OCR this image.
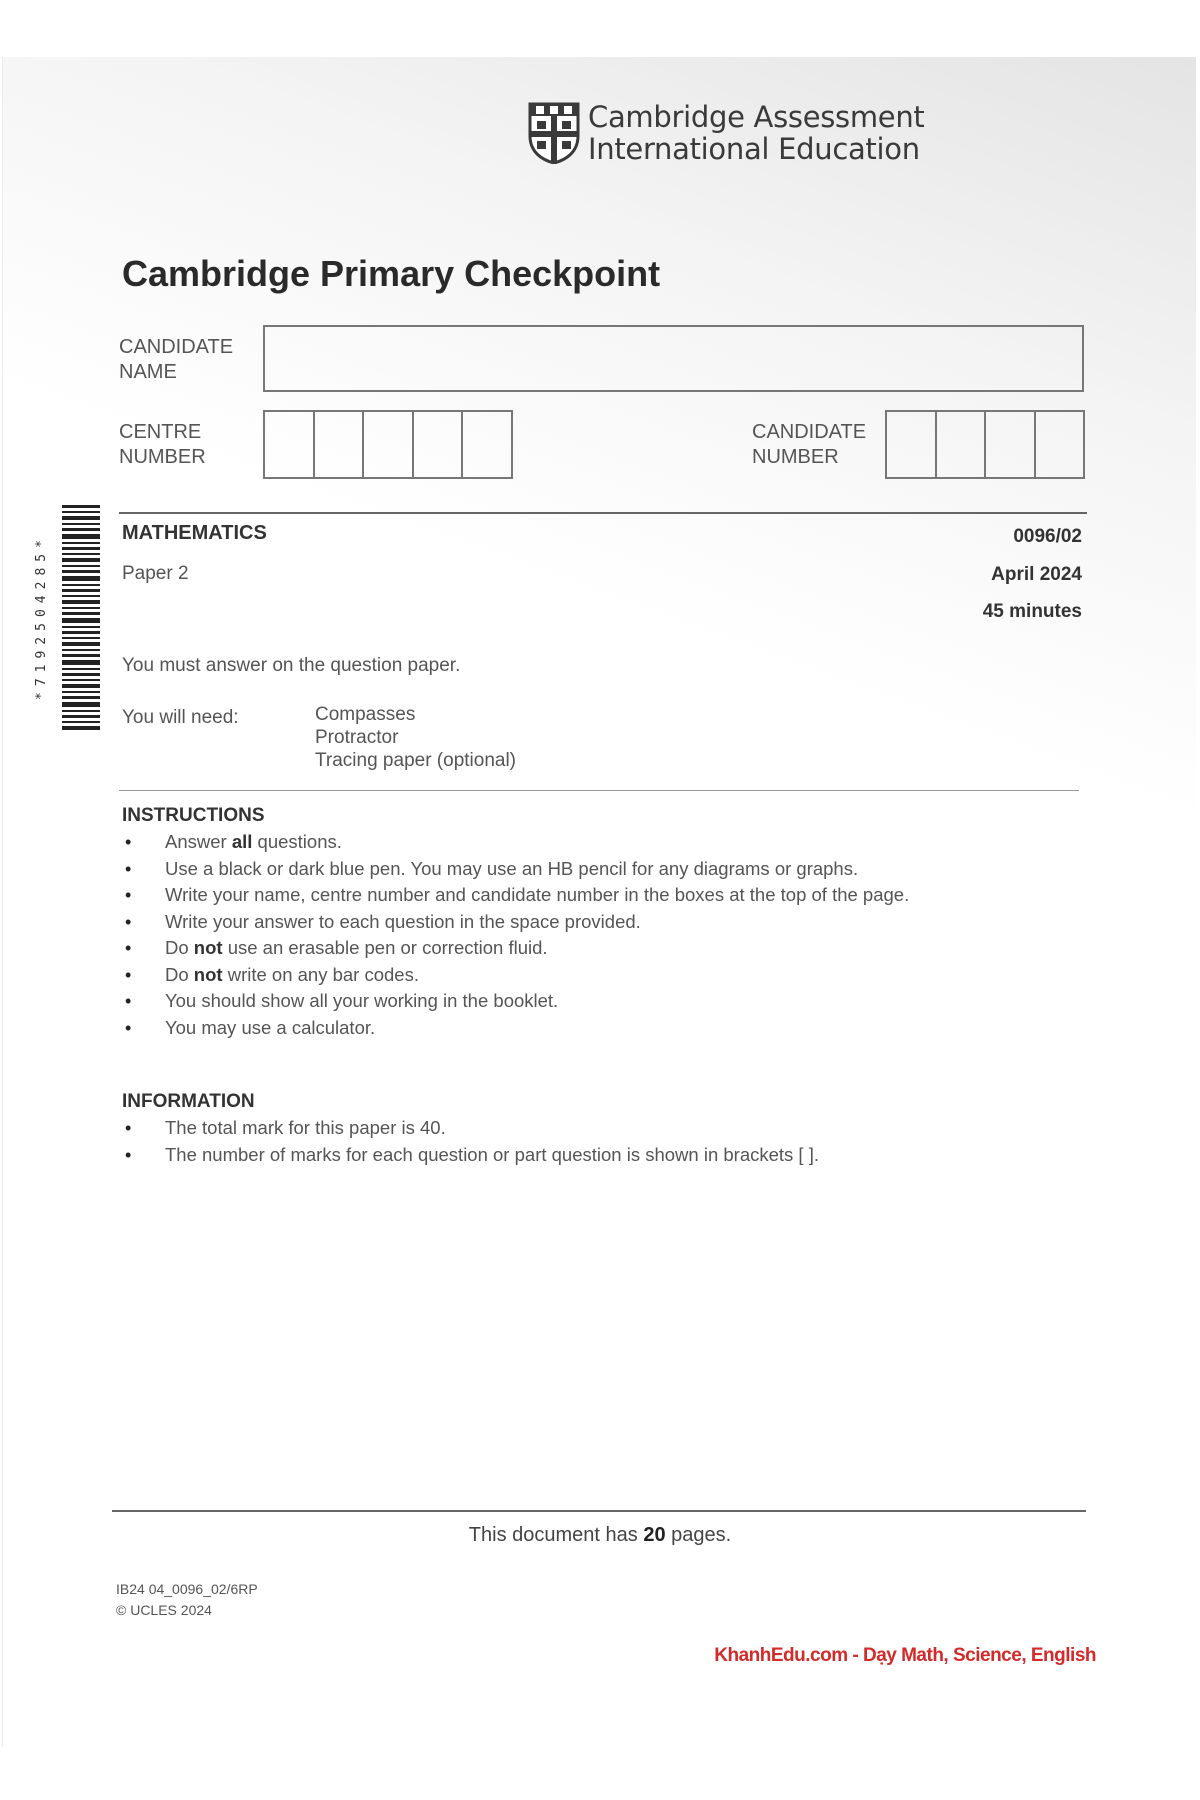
Cambridge Assessment
International Education
Cambridge Primary Checkpoint
CANDIDATE
NAME
CENTRE
NUMBER
CANDIDATE
NUMBER
*7192504285*
MATHEMATICS
Paper 2
0096/02
April 2024
45 minutes
You must answer on the question paper.
You will need:	Compasses
Protractor
Tracing paper (optional)
INSTRUCTIONS
• Answer all questions.
• Use a black or dark blue pen. You may use an HB pencil for any diagrams or graphs.
• Write your name, centre number and candidate number in the boxes at the top of the page.
• Write your answer to each question in the space provided.
• Do not use an erasable pen or correction fluid.
• Do not write on any bar codes.
• You should show all your working in the booklet.
• You may use a calculator.
INFORMATION
• The total mark for this paper is 40.
• The number of marks for each question or part question is shown in brackets [ ].
This document has 20 pages.
IB24 04_0096_02/6RP
© UCLES 2024
KhanhEdu.com - Dạy Math, Science, English
